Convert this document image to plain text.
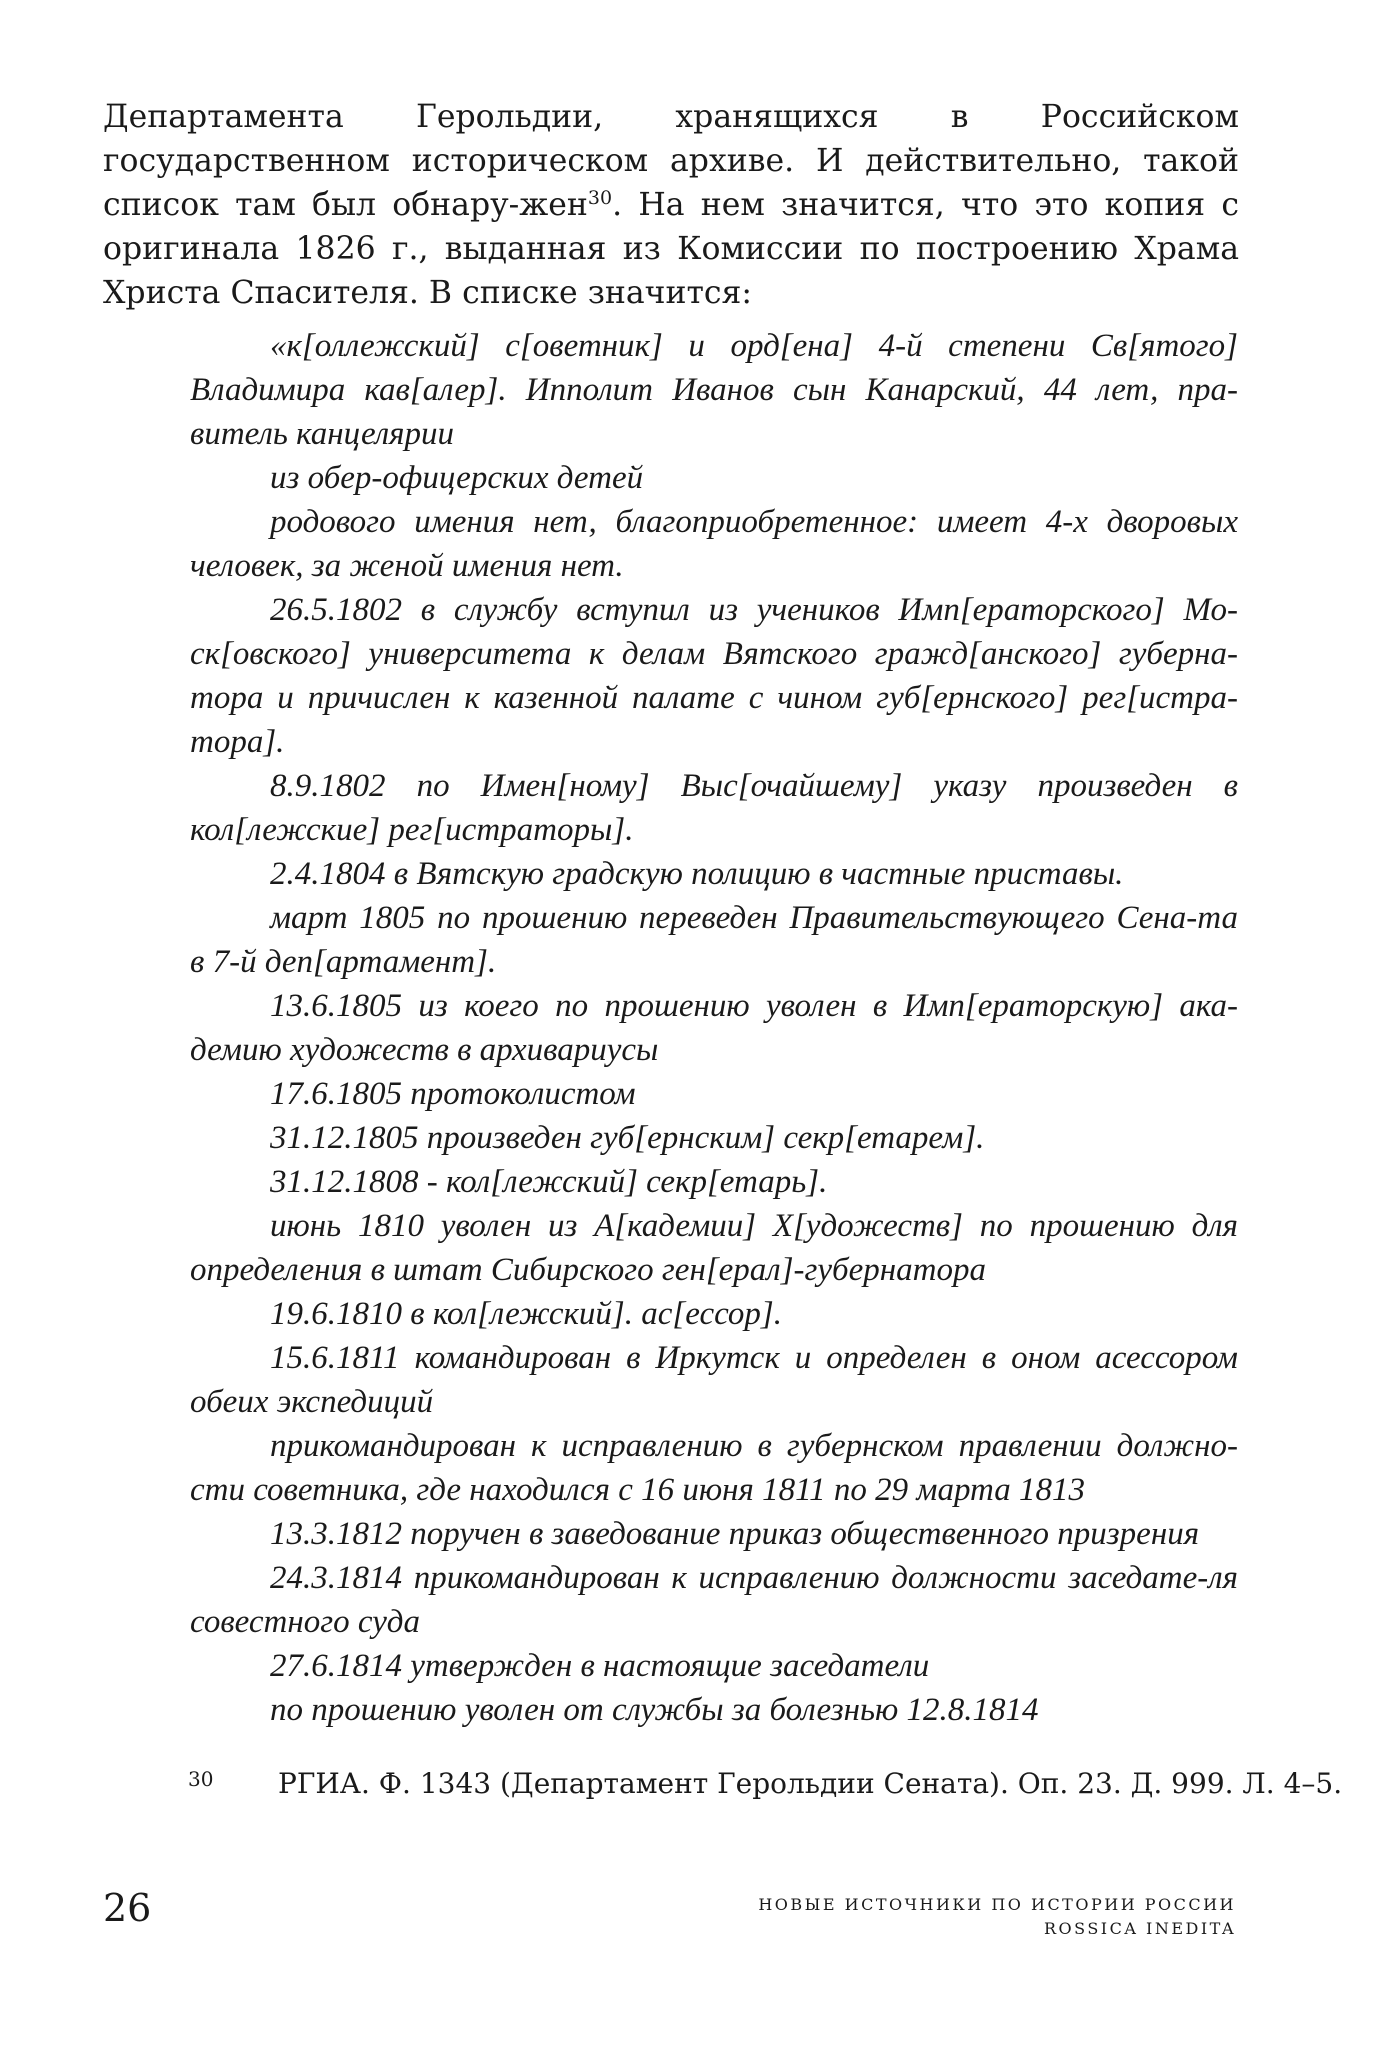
Департамента Герольдии, хранящихся в Российском государственном историческом архиве. И действительно, такой список там был обнару-жен$^{30}$. На нем значится, что это копия с оригинала 1826 г., выданная из Комиссии по построению Храма Христа Спасителя. В списке значится:

«к[оллежский] с[оветник] и орд[ена] 4-й степени Св[ятого] Владимира кав[алер]. Ипполит Иванов сын Канарский, 44 лет, пра-витель канцелярии

из обер-офицерских детей

родового имения нет, благоприобретенное: имеет 4-х дворовых человек, за женой имения нет.

26.5.1802 в службу вступил из учеников Имп[ераторского] Мо-ск[овского] университета к делам Вятского гражд[анского] губерна-тора и причислен к казенной палате с чином губ[ернского] рег[истра-тора].

8.9.1802 по Имен[ному] Выс[очайшему] указу произведен в кол[лежские] рег[истраторы].

2.4.1804 в Вятскую градскую полицию в частные приставы.

март 1805 по прошению переведен Правительствующего Сена-та в 7-й деп[артамент].

13.6.1805 из коего по прошению уволен в Имп[ераторскую] ака-демию художеств в архивариусы

17.6.1805 протоколистом

31.12.1805 произведен губ[ернским] секр[етарем].

31.12.1808 - кол[лежский] секр[етарь].

июнь 1810 уволен из А[кадемии] Х[удожеств] по прошению для определения в штат Сибирского ген[ерал]-губернатора

19.6.1810 в кол[лежский]. ас[ессор].

15.6.1811 командирован в Иркутск и определен в оном асессором обеих экспедиций

прикомандирован к исправлению в губернском правлении должно-сти советника, где находился с 16 июня 1811 по 29 марта 1813

13.3.1812 поручен в заведование приказ общественного призрения

24.3.1814 прикомандирован к исправлению должности заседате-ля совестного суда

27.6.1814 утвержден в настоящие заседатели

по прошению уволен от службы за болезнью 12.8.1814

30 РГИА. Ф. 1343 (Департамент Герольдии Сената). Оп. 23. Д. 999. Л. 4–5.
26	НОВЫЕ ИСТОЧНИКИ ПО ИСТОРИИ РОССИИ
ROSSICA INEDITA
